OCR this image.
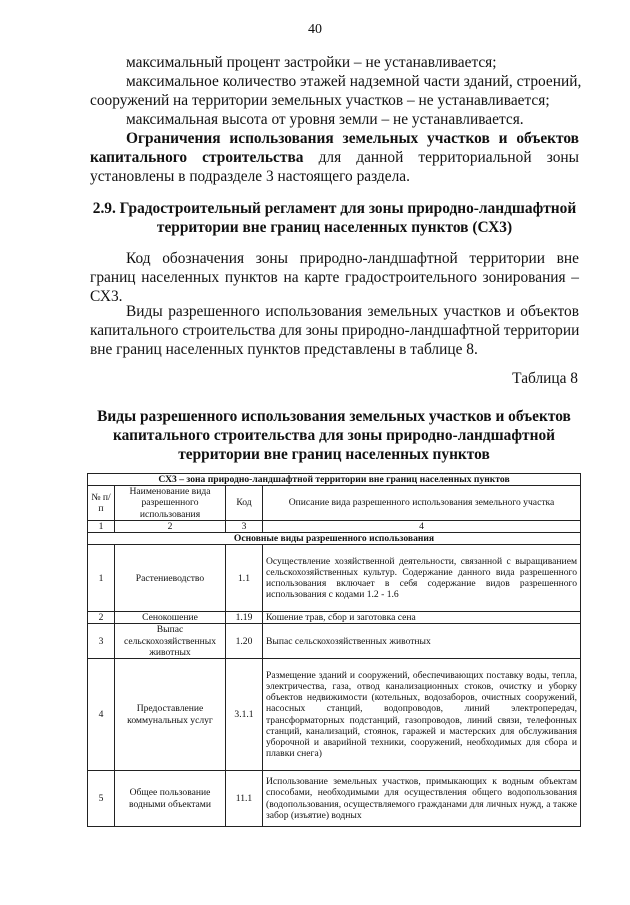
40
максимальный процент застройки – не устанавливается;
максимальное количество этажей надземной части зданий, строений,
сооружений на территории земельных участков – не устанавливается;
максимальная высота от уровня земли – не устанавливается.
Ограничения использования земельных участков и объектов
капитального строительства для данной территориальной зоны
установлены в подразделе 3 настоящего раздела.
2.9. Градостроительный регламент для зоны природно-ландшафтной
территории вне границ населенных пунктов (СХ3)
Код обозначения зоны природно-ландшафтной территории вне
границ населенных пунктов на карте градостроительного зонирования –
СХ3.
Виды разрешенного использования земельных участков и объектов
капитального строительства для зоны природно-ландшафтной территории
вне границ населенных пунктов представлены в таблице 8.
Таблица 8
Виды разрешенного использования земельных участков и объектов
капитального строительства для зоны природно-ландшафтной
территории вне границ населенных пунктов
СХ3 – зона природно-ландшафтной территории вне границ населенных пунктов			
№ п/п	Наименование вида разрешенного использования	Код	Описание вида разрешенного использования земельного участка
1	2	3	4
Основные виды разрешенного использования			
1	Растениеводство	1.1	Осуществление хозяйственной деятельности, связанной с выращиванием сельскохозяйственных культур. Содержание данного вида разрешенного использования включает в себя содержание видов разрешенного использования с кодами 1.2 - 1.6
2	Сенокошение	1.19	Кошение трав, сбор и заготовка сена
3	Выпас сельскохозяйственных животных	1.20	Выпас сельскохозяйственных животных
4	Предоставление коммунальных услуг	3.1.1	Размещение зданий и сооружений, обеспечивающих поставку воды, тепла, электричества, газа, отвод канализационных стоков, очистку и уборку объектов недвижимости (котельных, водозаборов, очистных сооружений, насосных станций, водопроводов, линий электропередач, трансформаторных подстанций, газопроводов, линий связи, телефонных станций, канализаций, стоянок, гаражей и мастерских для обслуживания уборочной и аварийной техники, сооружений, необходимых для сбора и плавки снега)
5	Общее пользование водными объектами	11.1	Использование земельных участков, примыкающих к водным объектам способами, необходимыми для осуществления общего водопользования (водопользования, осуществляемого гражданами для личных нужд, а также забор (изъятие) водных
